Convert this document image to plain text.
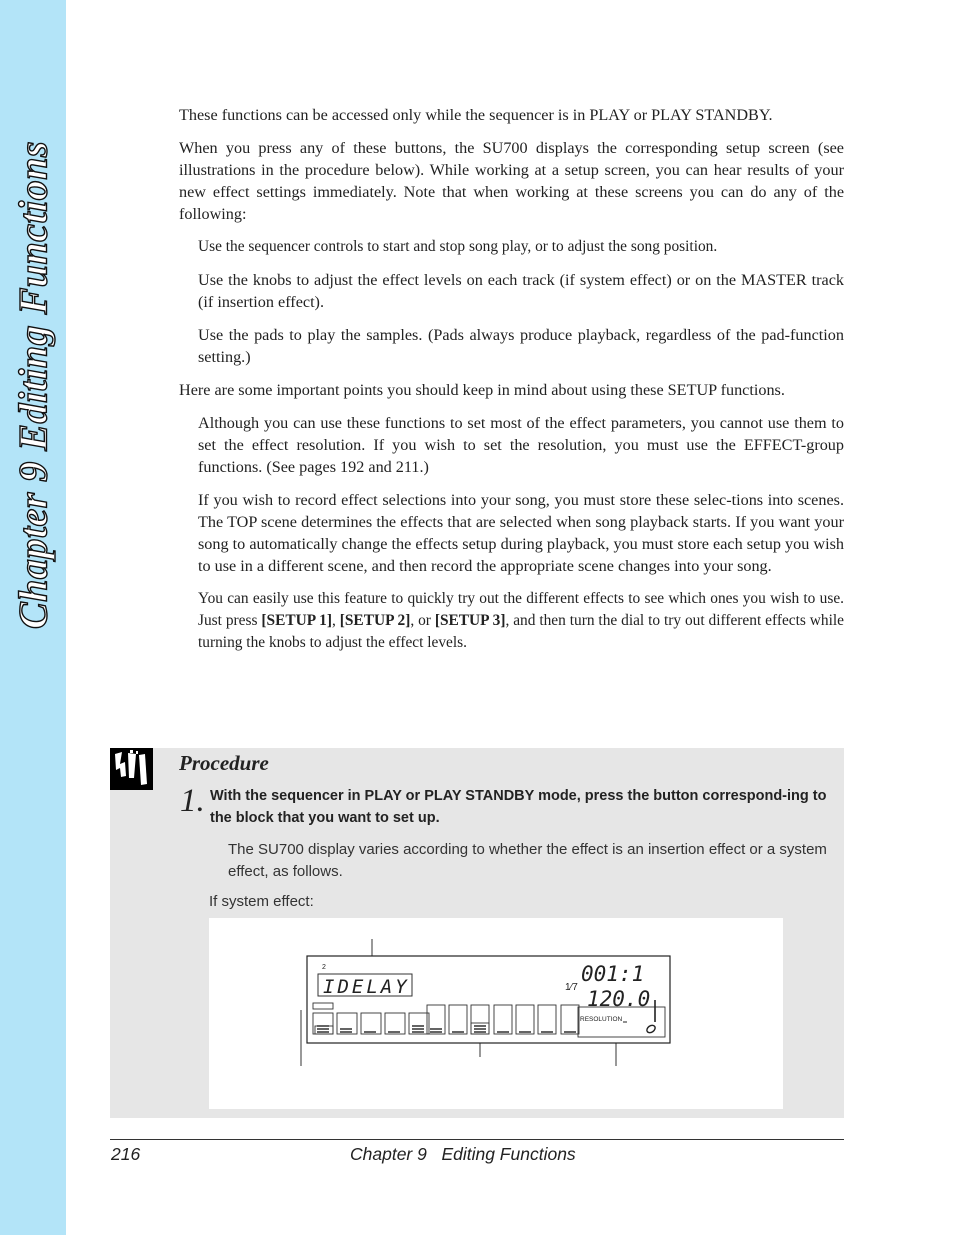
Chapter 9 Editing Functions

These functions can be accessed only while the sequencer is in PLAY or PLAY STANDBY.

When you press any of these buttons, the SU700 displays the corresponding setup screen (see illustrations in the procedure below). While working at a setup screen, you can hear results of your new effect settings immediately. Note that when working at these screens you can do any of the following:

Use the sequencer controls to start and stop song play, or to adjust the song position.

Use the knobs to adjust the effect levels on each track (if system effect) or on the MASTER track (if insertion effect).

Use the pads to play the samples. (Pads always produce playback, regardless of the pad-function setting.)

Here are some important points you should keep in mind about using these SETUP functions.

Although you can use these functions to set most of the effect parameters, you cannot use them to set the effect resolution. If you wish to set the resolution, you must use the EFFECT-group functions. (See pages 192 and 211.)

If you wish to record effect selections into your song, you must store these selec-tions into scenes. The TOP scene determines the effects that are selected when song playback starts. If you want your song to automatically change the effects setup during playback, you must store each setup you wish to use in a different scene, and then record the appropriate scene changes into your song.

You can easily use this feature to quickly try out the different effects to see which ones you wish to use. Just press [SETUP 1], [SETUP 2], or [SETUP 3], and then turn the dial to try out different effects while turning the knobs to adjust the effect levels.

Procedure
1. With the sequencer in PLAY or PLAY STANDBY mode, press the button correspond-ing to the block that you want to set up.
The SU700 display varies according to whether the effect is an insertion effect or a system effect, as follows.
If system effect:
2
IDELAY	1⁄7
001:1
120.0
RESOLUTION
216	Chapter 9   Editing Functions
